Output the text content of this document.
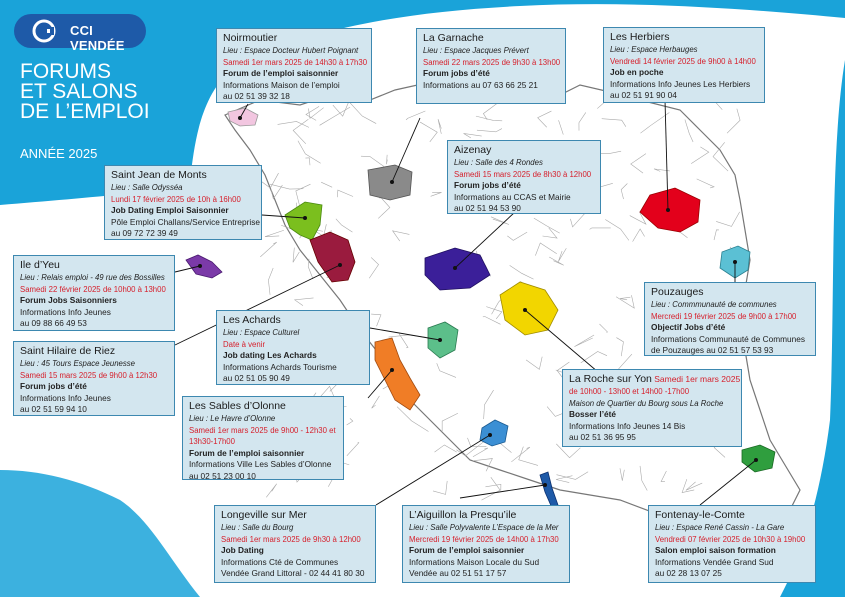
CCI VENDÉE
FORUMS
ET SALONS
DE L’EMPLOI
ANNÉE 2025
Noirmoutier
Lieu : Espace Docteur Hubert Poignant
Samedi 1er mars 2025 de 14h30 à 17h30
Forum de l’emploi saisonnier
Informations Maison de l’emploi
au 02 51 39 32 18
La Garnache
Lieu : Espace Jacques Prévert
Samedi 22 mars 2025 de 9h30 à 13h00
Forum jobs d’été
Informations au 07 63 66 25 21
Les Herbiers
Lieu : Espace Herbauges
Vendredi 14 février 2025 de 9h00 à 14h00
Job en poche
Informations Info Jeunes Les Herbiers
au 02 51 91 90 04
Aizenay
Lieu : Salle des 4 Rondes
Samedi 15 mars 2025 de 8h30 à 12h00
Forum jobs d’été
Informations au CCAS et Mairie
au 02 51 94 53 90
Saint Jean de Monts
Lieu : Salle Odysséa
Lundi 17 février 2025 de 10h à 16h00
Job Dating Emploi Saisonnier
Pôle Emploi Challans/Service Entreprise
au 09 72 72 39 49
Ile d’Yeu
Lieu : Relais emploi - 49 rue des Bossilles
Samedi 22 février 2025 de 10h00 à 13h00
Forum Jobs Saisonniers
Informations Info Jeunes
au 09 88 66 49 53	Les Achards
Lieu : Espace Culturel
Date à venir
Job dating Les Achards
Informations Achards Tourisme
au 02 51 05 90 49
Saint Hilaire de Riez
Lieu : 45 Tours Espace Jeunesse
Samedi 15 mars 2025 de 9h00 à 12h30
Forum jobs d’été
Informations Info Jeunes
au 02 51 59 94 10
Pouzauges
Lieu : Commmunauté de communes
Mercredi 19 février 2025 de 9h00 à 17h00
Objectif Jobs d’été
Informations Communauté de Communes
de Pouzauges au 02 51 57 53 93
La Roche sur Yon Samedi 1er mars 2025
de 10h00 - 13h00 et 14h00 -17h00
Maison de Quartier du Bourg sous La Roche
Bosser l’été
Informations Info Jeunes 14 Bis
au 02 51 36 95 95
Les Sables d’Olonne
Lieu : Le Havre d’Olonne
Samedi 1er mars 2025 de 9h00 - 12h30 et 13h30-17h00
Forum de l’emploi saisonnier
Informations Ville Les Sables d’Olonne
au 02 51 23 00 10
Longeville sur Mer
Lieu : Salle du Bourg
Samedi 1er mars 2025 de 9h30 à 12h00
Job Dating
Informations Cté de Communes
Vendée Grand Littoral - 02 44 41 80 30
L’Aiguillon la Presqu’ile
Lieu : Salle Polyvalente L’Espace de la Mer
Mercredi 19 février 2025 de 14h00 à 17h30
Forum de l’emploi saisonnier
Informations Maison Locale du Sud
Vendée au 02 51 51 17 57
Fontenay-le-Comte
Lieu : Espace René Cassin - La Gare
Vendredi 07 février 2025 de 10h30 à 19h00
Salon emploi saison formation
Informations Vendée Grand Sud
au 02 28 13 07 25
